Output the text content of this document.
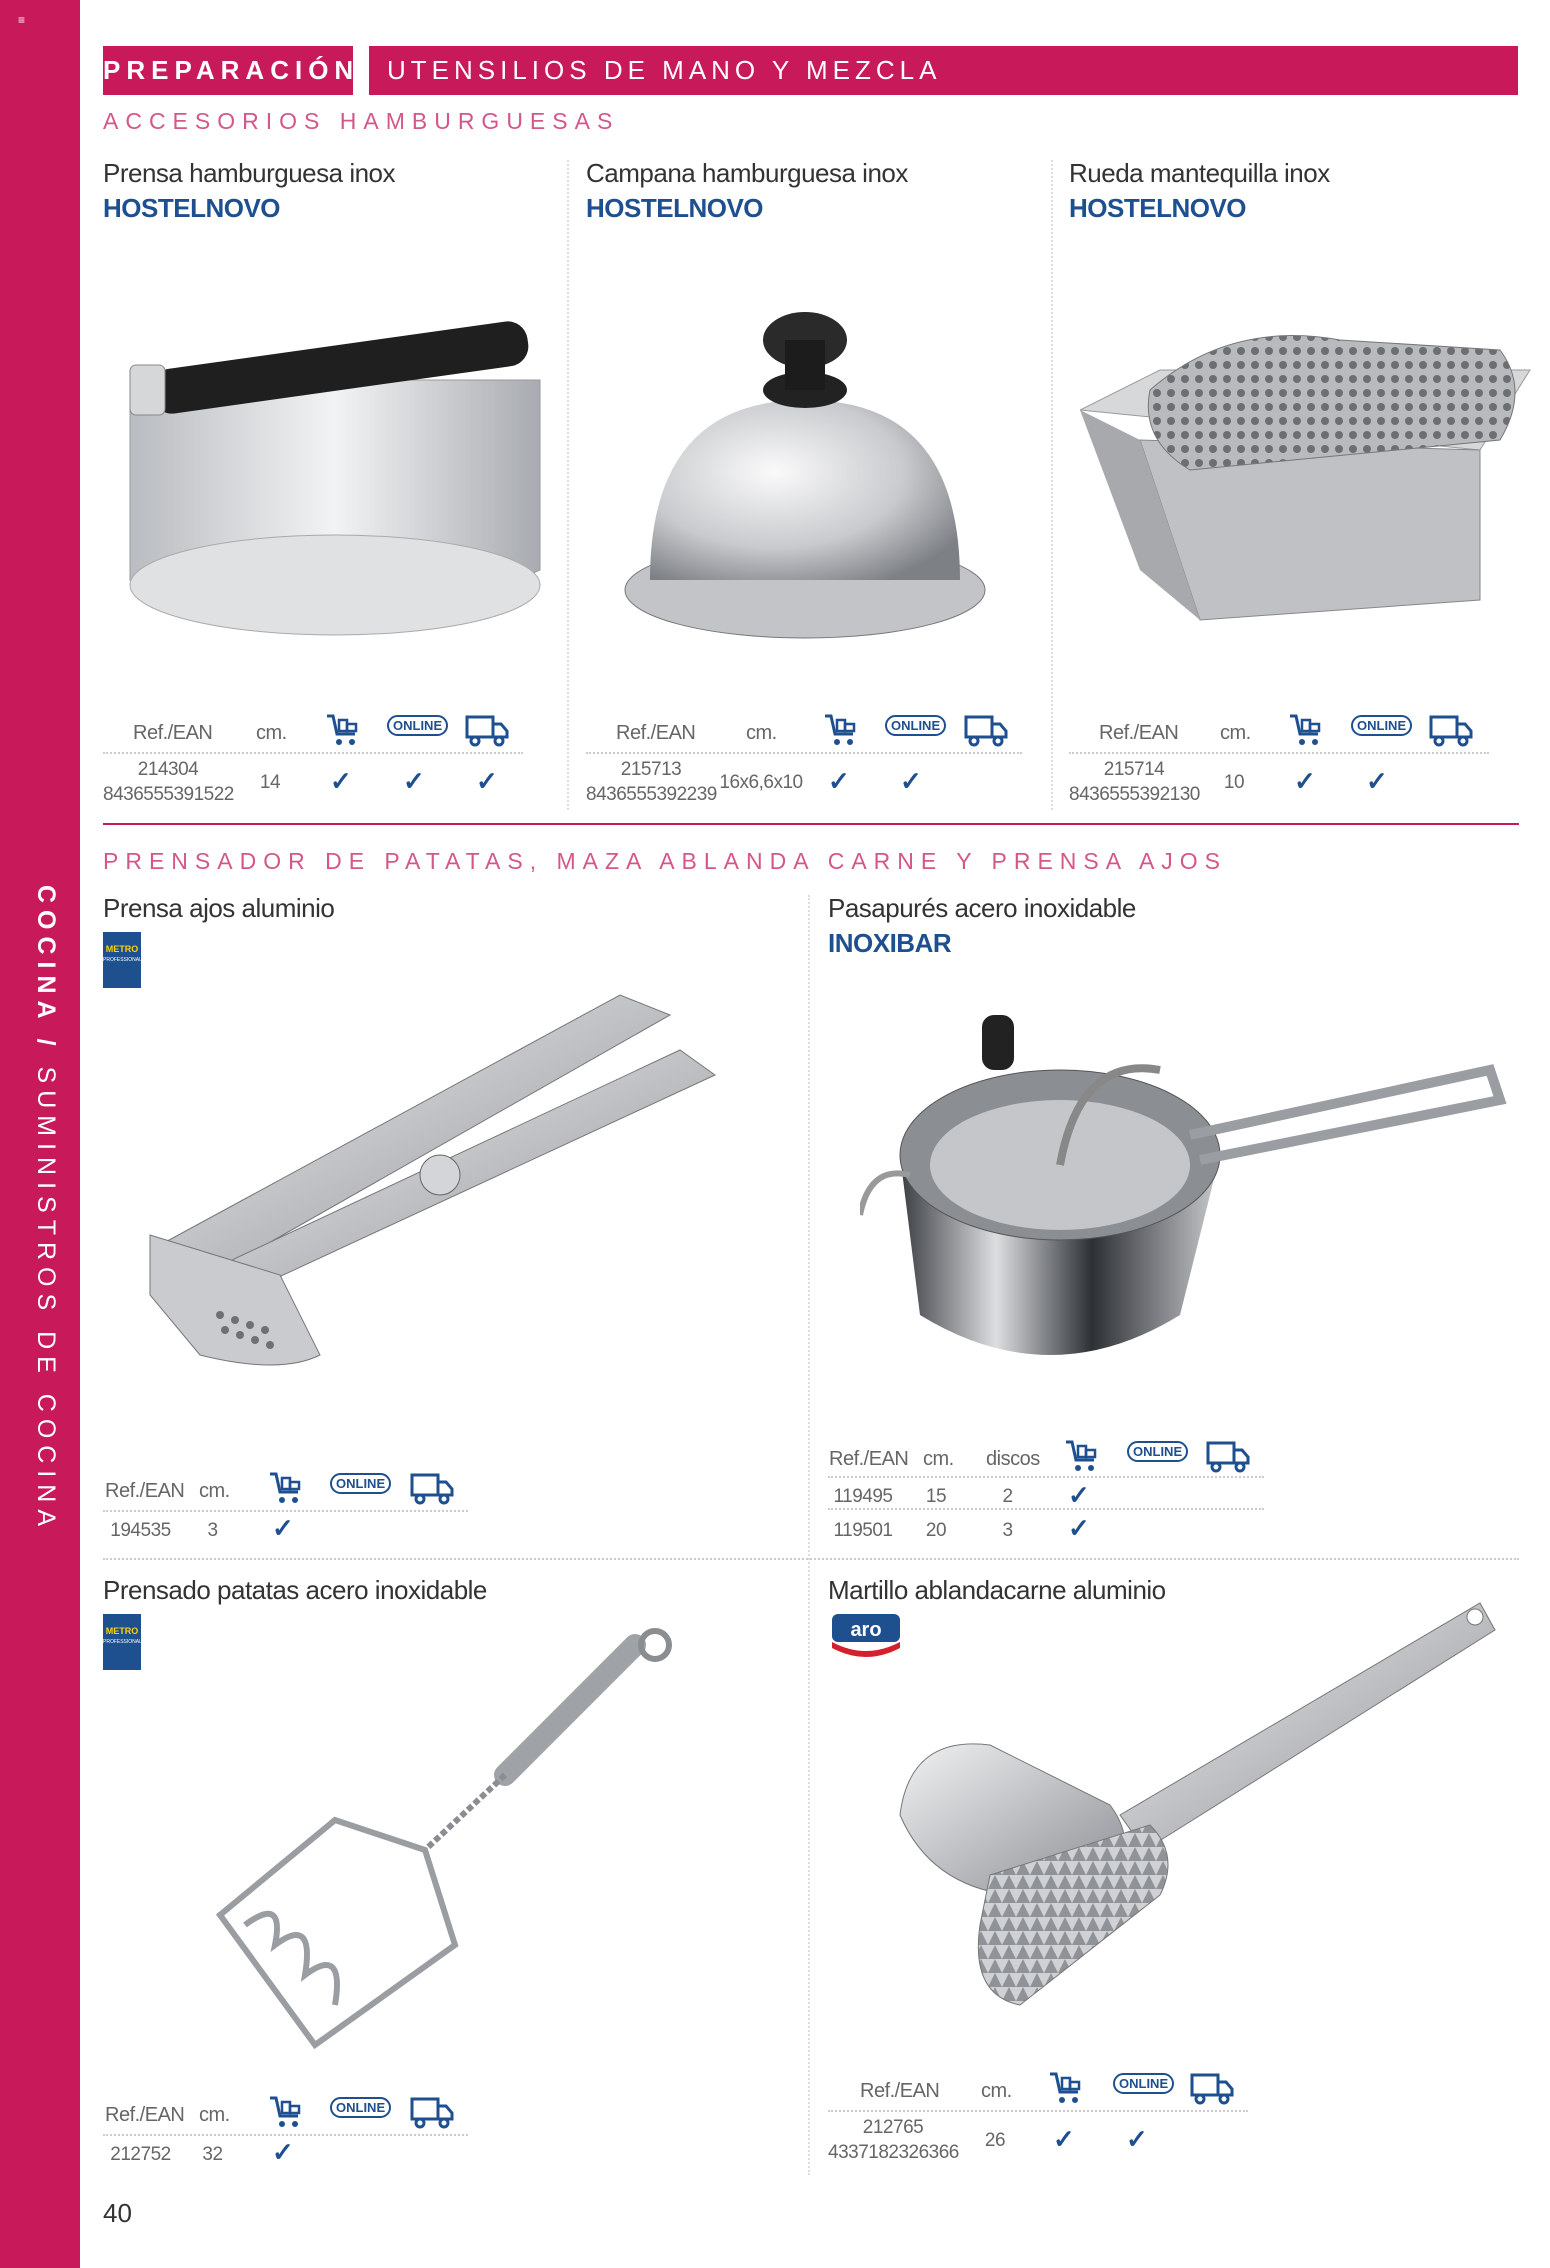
≡
COCINA / SUMINISTROS DE COCINA
PREPARACIÓN	UTENSILIOS DE MANO Y MEZCLA
ACCESORIOS HAMBURGUESAS
Prensa hamburguesa inox
HOSTELNOVO
Ref./EAN cm.	ONLINE
214304
8436555391522
14 ✓ ✓ ✓
Campana hamburguesa inox
HOSTELNOVO
Ref./EAN	cm.	ONLINE
215713
8436555392239
16x6,6x10 ✓ ✓
Rueda mantequilla inox
HOSTELNOVO
Ref./EAN cm.	ONLINE
215714
8436555392130
10 ✓ ✓
PRENSADOR DE PATATAS, MAZA ABLANDA CARNE Y PRENSA AJOS
Prensa ajos aluminio
METRO
PROFESSIONAL
Ref./EAN cm.	ONLINE
194535	3 ✓
Pasapurés acero inoxidable
INOXIBAR
Ref./EAN cm. discos	ONLINE
119495 15	2 ✓
119501 20	3 ✓
Prensado patatas acero inoxidable
METRO
PROFESSIONAL
Ref./EAN cm.	ONLINE
212752	32 ✓
Martillo ablandacarne aluminio
aro
Ref./EAN cm.	ONLINE
212765
4337182326366
26 ✓ ✓
40
